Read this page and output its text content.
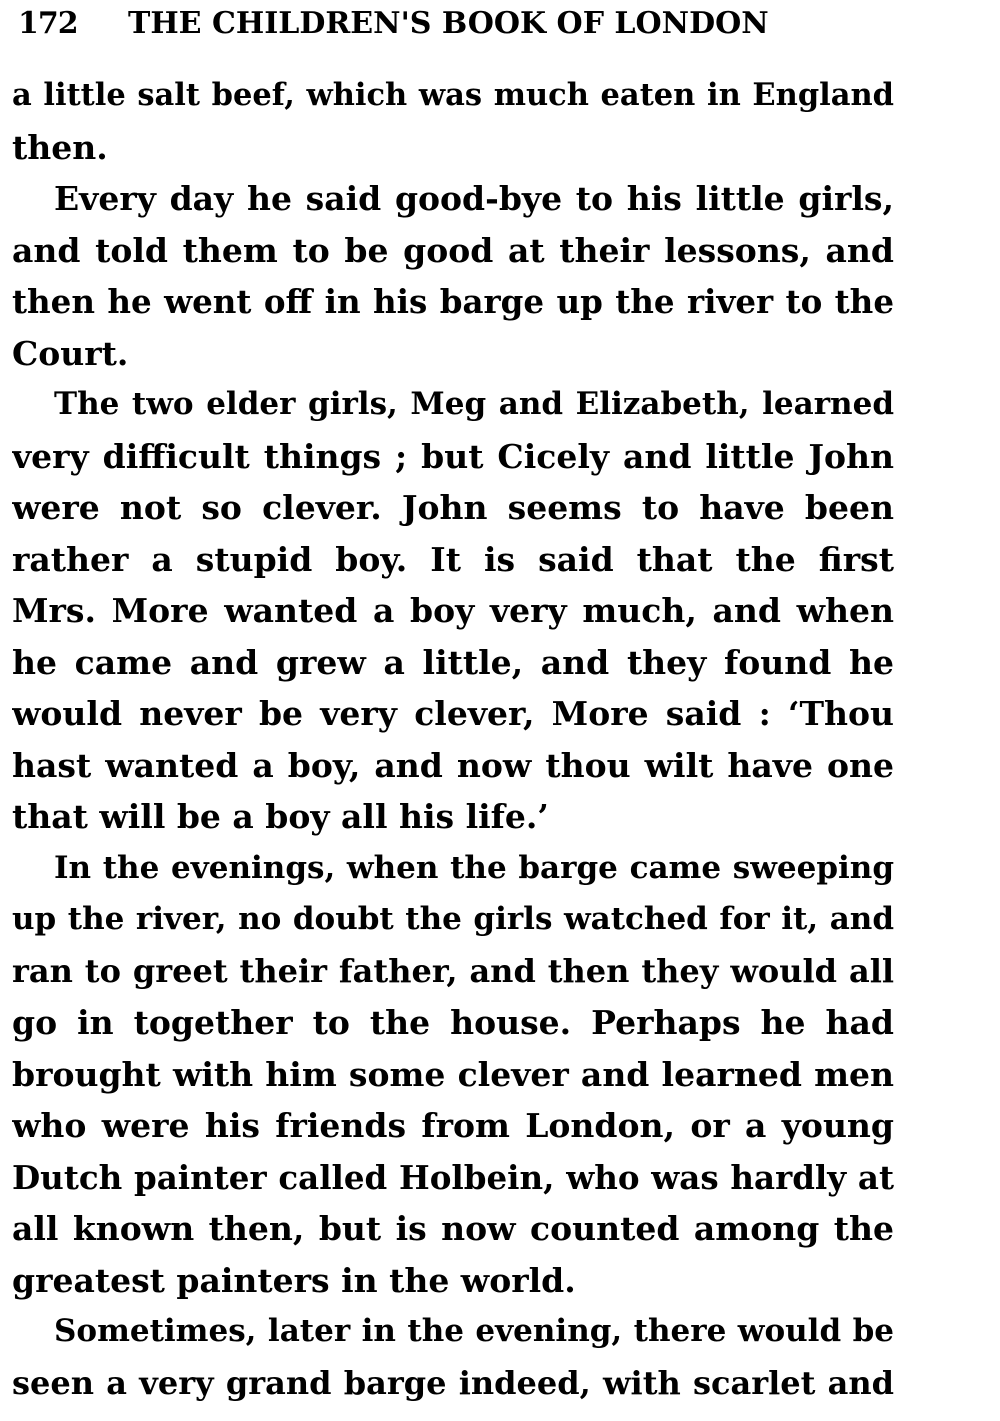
172 THE CHILDREN'S BOOK OF LONDON
a little salt beef, which was much eaten in England
then.
Every day he said good-bye to his little girls,
and told them to be good at their lessons, and
then he went off in his barge up the river to the
Court.
The two elder girls, Meg and Elizabeth, learned
very difficult things ; but Cicely and little John
were not so clever. John seems to have been
rather a stupid boy. It is said that the first
Mrs. More wanted a boy very much, and when
he came and grew a little, and they found he
would never be very clever, More said : ‘Thou
hast wanted a boy, and now thou wilt have one
that will be a boy all his life.’
In the evenings, when the barge came sweeping
up the river, no doubt the girls watched for it, and
ran to greet their father, and then they would all
go in together to the house. Perhaps he had
brought with him some clever and learned men
who were his friends from London, or a young
Dutch painter called Holbein, who was hardly at
all known then, but is now counted among the
greatest painters in the world.
Sometimes, later in the evening, there would be
seen a very grand barge indeed, with scarlet and
